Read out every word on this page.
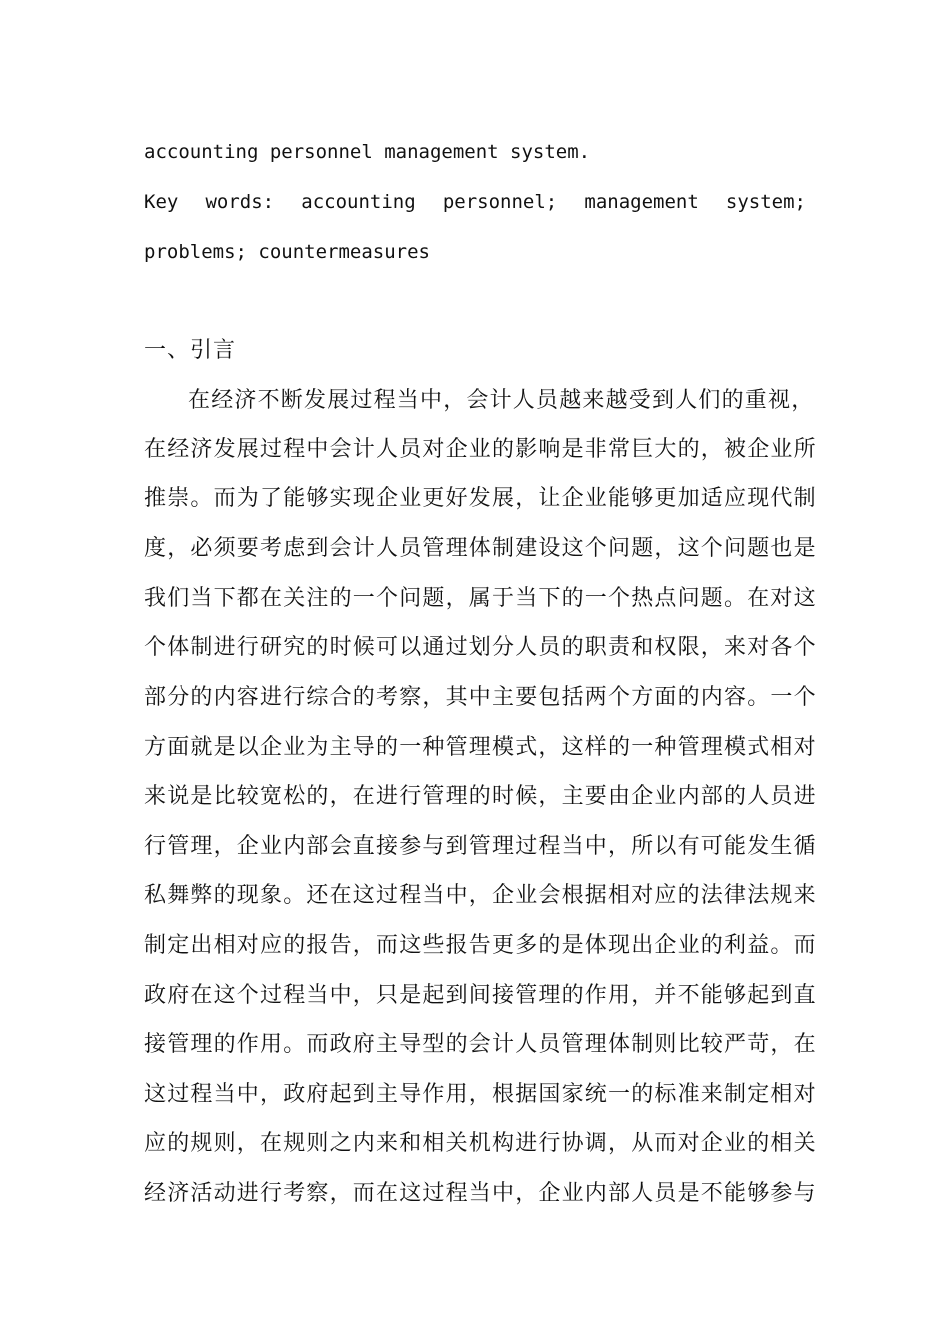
accounting personnel management system.
Key words: accounting personnel; management system;
problems; countermeasures
一、引言
在经济不断发展过程当中，会计人员越来越受到人们的重视，
在经济发展过程中会计人员对企业的影响是非常巨大的，被企业所
推崇。而为了能够实现企业更好发展，让企业能够更加适应现代制
度，必须要考虑到会计人员管理体制建设这个问题，这个问题也是
我们当下都在关注的一个问题，属于当下的一个热点问题。在对这
个体制进行研究的时候可以通过划分人员的职责和权限，来对各个
部分的内容进行综合的考察，其中主要包括两个方面的内容。一个
方面就是以企业为主导的一种管理模式，这样的一种管理模式相对
来说是比较宽松的，在进行管理的时候，主要由企业内部的人员进
行管理，企业内部会直接参与到管理过程当中，所以有可能发生循
私舞弊的现象。还在这过程当中，企业会根据相对应的法律法规来
制定出相对应的报告，而这些报告更多的是体现出企业的利益。而
政府在这个过程当中，只是起到间接管理的作用，并不能够起到直
接管理的作用。而政府主导型的会计人员管理体制则比较严苛，在
这过程当中，政府起到主导作用，根据国家统一的标准来制定相对
应的规则，在规则之内来和相关机构进行协调，从而对企业的相关
经济活动进行考察，而在这过程当中，企业内部人员是不能够参与
